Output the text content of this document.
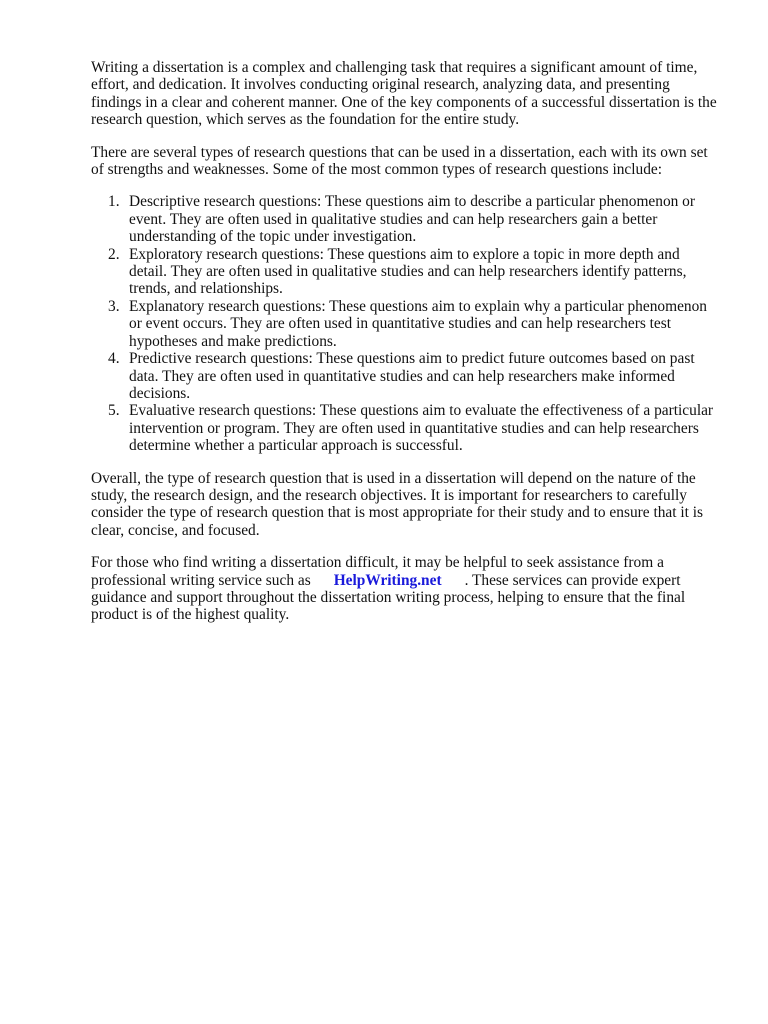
Writing a dissertation is a complex and challenging task that requires a significant amount of time, effort, and dedication. It involves conducting original research, analyzing data, and presenting findings in a clear and coherent manner. One of the key components of a successful dissertation is the research question, which serves as the foundation for the entire study.

There are several types of research questions that can be used in a dissertation, each with its own set of strengths and weaknesses. Some of the most common types of research questions include:

1. Descriptive research questions: These questions aim to describe a particular phenomenon or event. They are often used in qualitative studies and can help researchers gain a better understanding of the topic under investigation.
2. Exploratory research questions: These questions aim to explore a topic in more depth and detail. They are often used in qualitative studies and can help researchers identify patterns, trends, and relationships.
3. Explanatory research questions: These questions aim to explain why a particular phenomenon or event occurs. They are often used in quantitative studies and can help researchers test hypotheses and make predictions.
4. Predictive research questions: These questions aim to predict future outcomes based on past data. They are often used in quantitative studies and can help researchers make informed decisions.
5. Evaluative research questions: These questions aim to evaluate the effectiveness of a particular intervention or program. They are often used in quantitative studies and can help researchers determine whether a particular approach is successful.

Overall, the type of research question that is used in a dissertation will depend on the nature of the study, the research design, and the research objectives. It is important for researchers to carefully consider the type of research question that is most appropriate for their study and to ensure that it is clear, concise, and focused.

For those who find writing a dissertation difficult, it may be helpful to seek assistance from a professional writing service such as HelpWriting.net . These services can provide expert guidance and support throughout the dissertation writing process, helping to ensure that the final product is of the highest quality.
